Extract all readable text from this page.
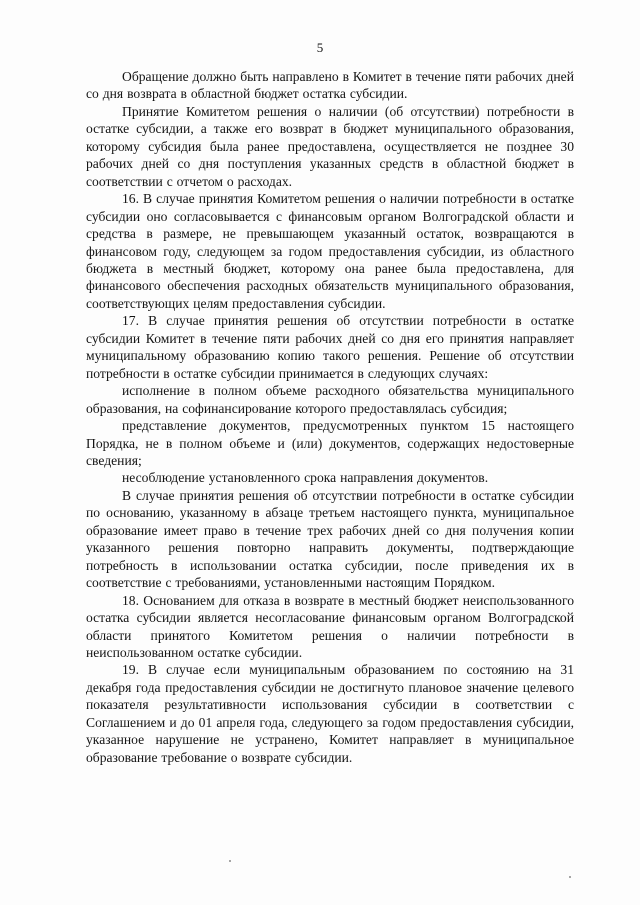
5

Обращение должно быть направлено в Комитет в течение пяти рабочих дней со дня возврата в областной бюджет остатка субсидии.

Принятие Комитетом решения о наличии (об отсутствии) потребности в остатке субсидии, а также его возврат в бюджет муниципального образования, которому субсидия была ранее предоставлена, осуществляется не позднее 30 рабочих дней со дня поступления указанных средств в областной бюджет в соответствии с отчетом о расходах.

16. В случае принятия Комитетом решения о наличии потребности в остатке субсидии оно согласовывается с финансовым органом Волгоградской области и средства в размере, не превышающем указанный остаток, возвращаются в финансовом году, следующем за годом предоставления субсидии, из областного бюджета в местный бюджет, которому она ранее была предоставлена, для финансового обеспечения расходных обязательств муниципального образования, соответствующих целям предоставления субсидии.

17. В случае принятия решения об отсутствии потребности в остатке субсидии Комитет в течение пяти рабочих дней со дня его принятия направляет муниципальному образованию копию такого решения. Решение об отсутствии потребности в остатке субсидии принимается в следующих случаях:

исполнение в полном объеме расходного обязательства муниципального образования, на софинансирование которого предоставлялась субсидия;

представление документов, предусмотренных пунктом 15 настоящего Порядка, не в полном объеме и (или) документов, содержащих недостоверные сведения;

несоблюдение установленного срока направления документов.

В случае принятия решения об отсутствии потребности в остатке субсидии по основанию, указанному в абзаце третьем настоящего пункта, муниципальное образование имеет право в течение трех рабочих дней со дня получения копии указанного решения повторно направить документы, подтверждающие потребность в использовании остатка субсидии, после приведения их в соответствие с требованиями, установленными настоящим Порядком.

18. Основанием для отказа в возврате в местный бюджет неиспользованного остатка субсидии является несогласование финансовым органом Волгоградской области принятого Комитетом решения о наличии потребности в неиспользованном остатке субсидии.

19. В случае если муниципальным образованием по состоянию на 31 декабря года предоставления субсидии не достигнуто плановое значение целевого показателя результативности использования субсидии в соответствии с Соглашением и до 01 апреля года, следующего за годом предоставления субсидии, указанное нарушение не устранено, Комитет направляет в муниципальное образование требование о возврате субсидии.
